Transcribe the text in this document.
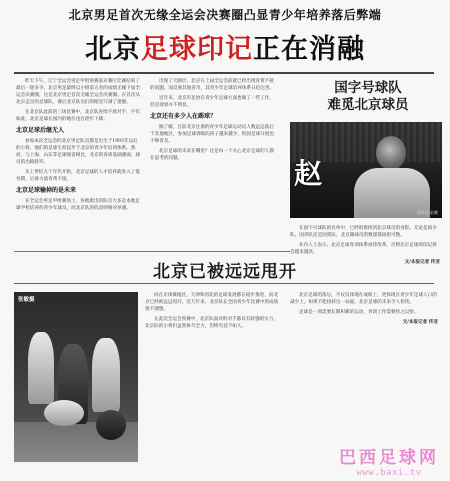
北京男足首次无缘全运会决赛圈凸显青少年培养落后弊端
北京足球印记正在消融

昨天下午，辽宁全运会男足甲组预赛南京赛区比赛结束了最后一轮争夺，北京男足最终以小组第五名的成绩无缘下届全运会决赛圈，这是北京男足首次无缘全运会决赛圈。在首次从北京走出的足球队，赛后北京队员们的眼里写满了遗憾。

在北京队此前的三场比赛中，北京队连续不敌对手，不仅如此，北京足球在国内的地位也在逐年下降。

北京足球后继无人

参加本次全运会的北京男足队员都是出生于1993年以后的小将，他们的足球生涯起步于北京的青少年培训体系。然而，与上海、山东等足球强省相比，北京的青训基础薄弱，球员的出路狭窄。

从上世纪九十年代开始，北京足球的人才培养就进入了低谷期，后备力量青黄不接。

北京足球输掉的是未来

在全运会男足甲组赛场上，各地派出的队员大多是本地足球学校培养的青少年球员，而北京队的阵容则相对单薄。

出现了大断层，北京在上届全运会前就已经出现青黄不接的问题。而反观其他省市，其青少年足球培养体系日趋完善。

近年来，北京市足协在青少年足球方面也做了一些工作，但是效果并不明显。

北京还有多少人在踢球？

据了解，目前北京注册的青少年足球运动员人数远远落后于其他地区，参加足球训练的孩子越来越少，校园足球开展也不够普及。

北京足球的未来在哪里？这是每一个关心北京足球的人都在思考的问题。

国字号球队
难觅北京球员
赵
资料图 赵鹏

在国字号球队的名单中，已经很难找到北京球员的身影。无论是国少队、国青队还是国奥队，北京籍球员的数量都屈指可数。

业内人士表示，北京足球青训体系亟待改革，否则北京足球的印记将会越来越淡。

文/本报记者 佟亚

北京已被远远甩开
张敏摄

同在京津冀地区，天津和河北的足球发展都在稳步推进，而北京已经被远远甩开。近几年来，北京队在全国青少年比赛中的成绩很不理想。

在此次全运会预赛中，北京队面对的对手都具有较强的实力，北京队的小将们虽然拼尽全力，但终究技不如人。

北京足球的落后，不仅仅体现在成绩上，更体现在青少年足球人口的减少上。如果不能扭转这一局面，北京足球的未来令人担忧。

足球是一项需要长期积累的运动，青训工作需要持之以恒。

文/本报记者 佟亚

巴西足球网
www.baxi.tv
